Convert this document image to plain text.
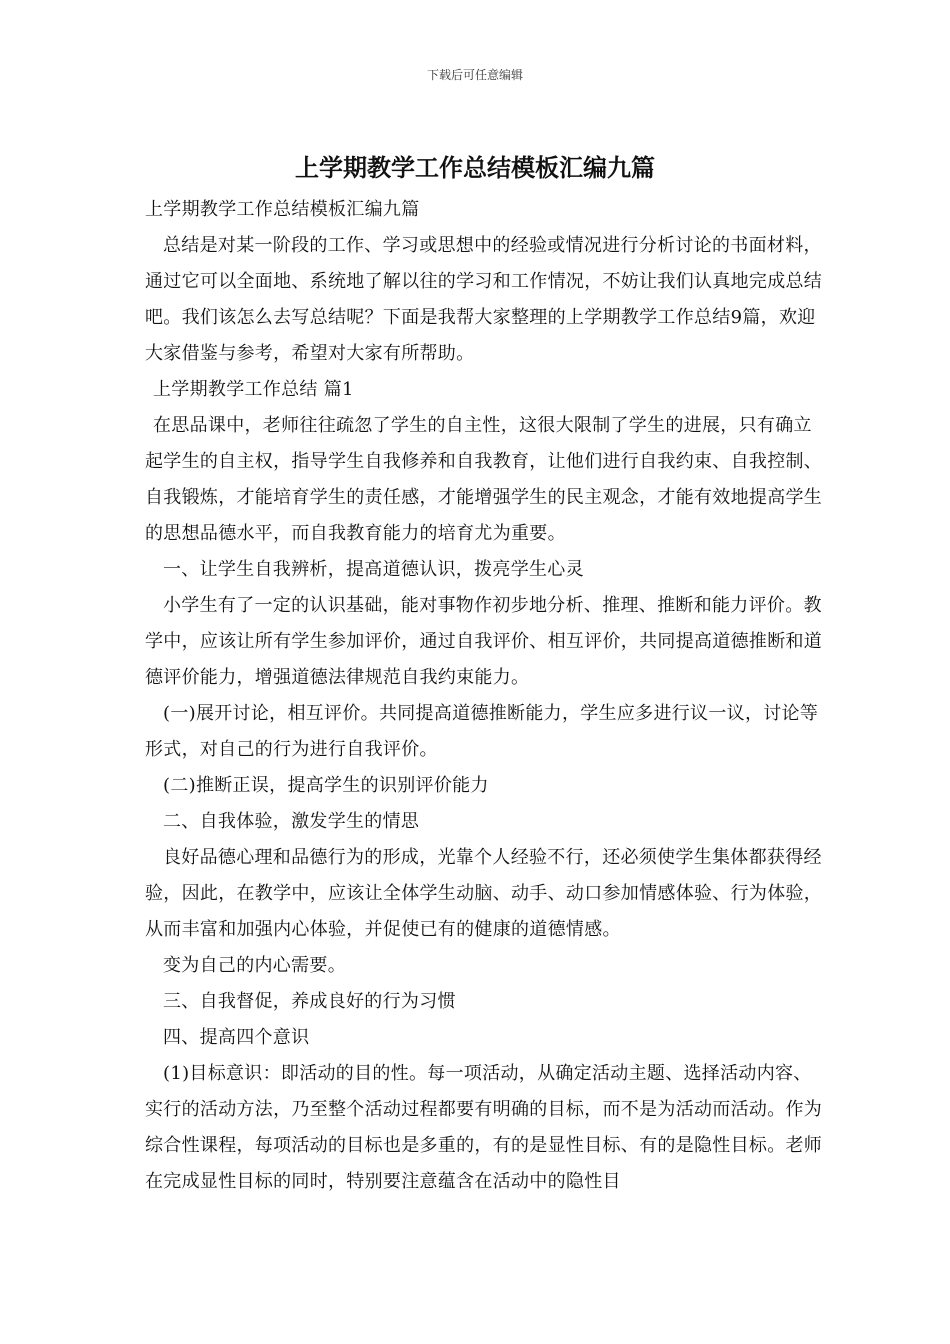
下载后可任意编辑
上学期教学工作总结模板汇编九篇

上学期教学工作总结模板汇编九篇

总结是对某一阶段的工作、学习或思想中的经验或情况进行分析讨论的书面材料，通过它可以全面地、系统地了解以往的学习和工作情况，不妨让我们认真地完成总结吧。我们该怎么去写总结呢？下面是我帮大家整理的上学期教学工作总结9篇，欢迎大家借鉴与参考，希望对大家有所帮助。

上学期教学工作总结 篇1

在思品课中，老师往往疏忽了学生的自主性，这很大限制了学生的进展，只有确立起学生的自主权，指导学生自我修养和自我教育，让他们进行自我约束、自我控制、自我锻炼，才能培育学生的责任感，才能增强学生的民主观念，才能有效地提高学生的思想品德水平，而自我教育能力的培育尤为重要。

一、让学生自我辨析，提高道德认识，拨亮学生心灵

小学生有了一定的认识基础，能对事物作初步地分析、推理、推断和能力评价。教学中，应该让所有学生参加评价，通过自我评价、相互评价，共同提高道德推断和道德评价能力，增强道德法律规范自我约束能力。

(一)展开讨论，相互评价。共同提高道德推断能力，学生应多进行议一议，讨论等形式，对自己的行为进行自我评价。

(二)推断正误，提高学生的识别评价能力

二、自我体验，激发学生的情思

良好品德心理和品德行为的形成，光靠个人经验不行，还必须使学生集体都获得经验，因此，在教学中，应该让全体学生动脑、动手、动口参加情感体验、行为体验，从而丰富和加强内心体验，并促使已有的健康的道德情感。

变为自己的内心需要。

三、自我督促，养成良好的行为习惯

四、提高四个意识

(1)目标意识：即活动的目的性。每一项活动，从确定活动主题、选择活动内容、实行的活动方法，乃至整个活动过程都要有明确的目标，而不是为活动而活动。作为综合性课程，每项活动的目标也是多重的，有的是显性目标、有的是隐性目标。老师在完成显性目标的同时，特别要注意蕴含在活动中的隐性目
